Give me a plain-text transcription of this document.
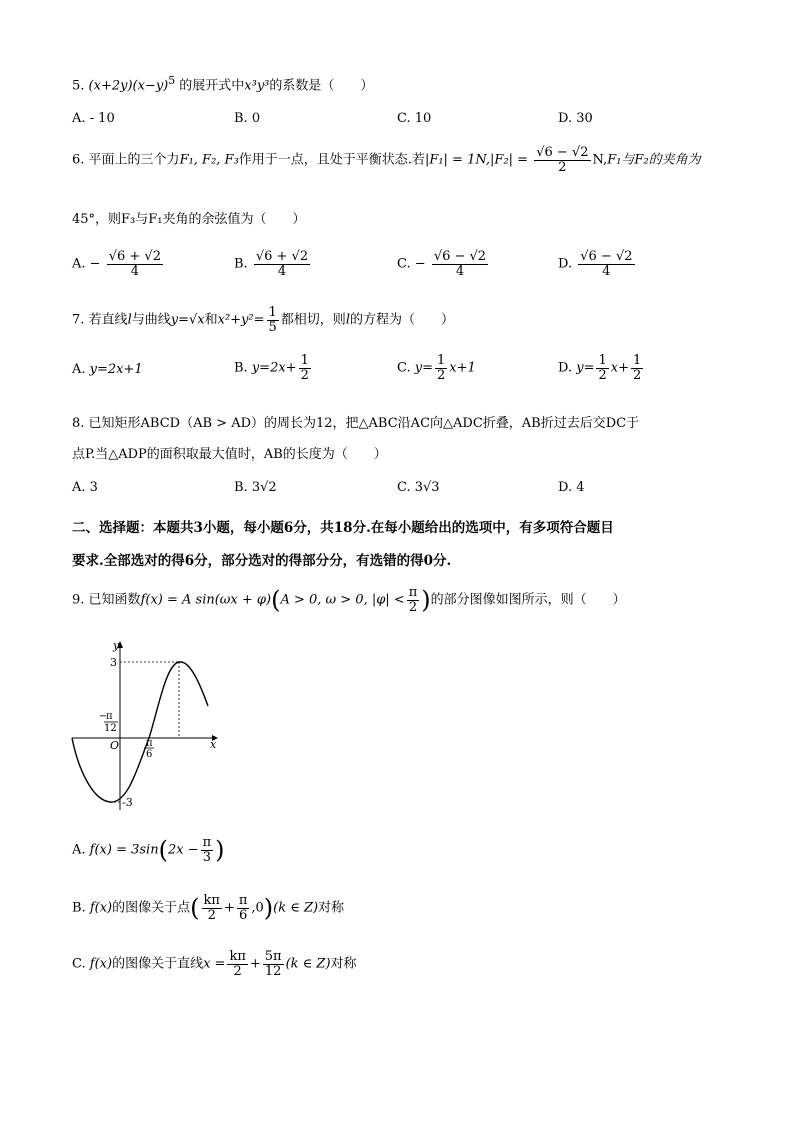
5. $(x+2y)(x-y)^5$ 的展开式中x³y³的系数是（　　）
A. - 10	B. 0	C. 10	D. 30
6. 平面上的三个力F₁, F₂, F₃作用于一点，且处于平衡状态.若$|F_1| = 1N,|F_2| = \frac{√6 - √2}{2} N,F_1$与F₂的夹角为
45°，则F₃与F₁夹角的余弦值为（　　）
A. − $\frac{√6 + √2}{4}$	B. $\frac{√6 + √2}{4}$	C. − $\frac{√6 - √2}{4}$	D. $\frac{√6 - √2}{4}$
7. 若直线l与曲线y=√x和$x^2+y^2= \frac{1}{5}$ 都相切，则l的方程为（　　）
A. y=2x+1	B. $y=2x+ \frac{1}{2}$	C. $y= \frac{1}{2} x+1$	D. $y= \frac{1}{2} x+ \frac{1}{2}$
8. 已知矩形ABCD（AB > AD）的周长为12，把△ABC沿AC向△ADC折叠，AB折过去后交DC于
点P.当△ADP的面积取最大值时，AB的长度为（　　）
A. 3	B. 3√2	C. 3√3	D. 4
二、选择题：本题共3小题，每小题6分，共18分.在每小题给出的选项中，有多项符合题目
要求.全部选对的得6分，部分选对的得部分分，有选错的得0分.
9. 已知函数f(x) = A sin(ωx + φ)(A > 0, ω > 0, $|\varphi| < \frac{\pi}{2}$ )的部分图像如图所示，则（　　）
y
x
O
3
-3
−
π
12
π
6
A. $f(x) = 3\sin(2x - \frac{\pi}{3}$ )
B. f(x)的图像关于点( $\frac{k\pi}{2} + \frac{\pi}{6} ,0)(k$ ∈ Z)对称
C. f(x)的图像关于直线$x = \frac{k\pi}{2} + \frac{5\pi}{12} (k$ ∈ Z)对称
